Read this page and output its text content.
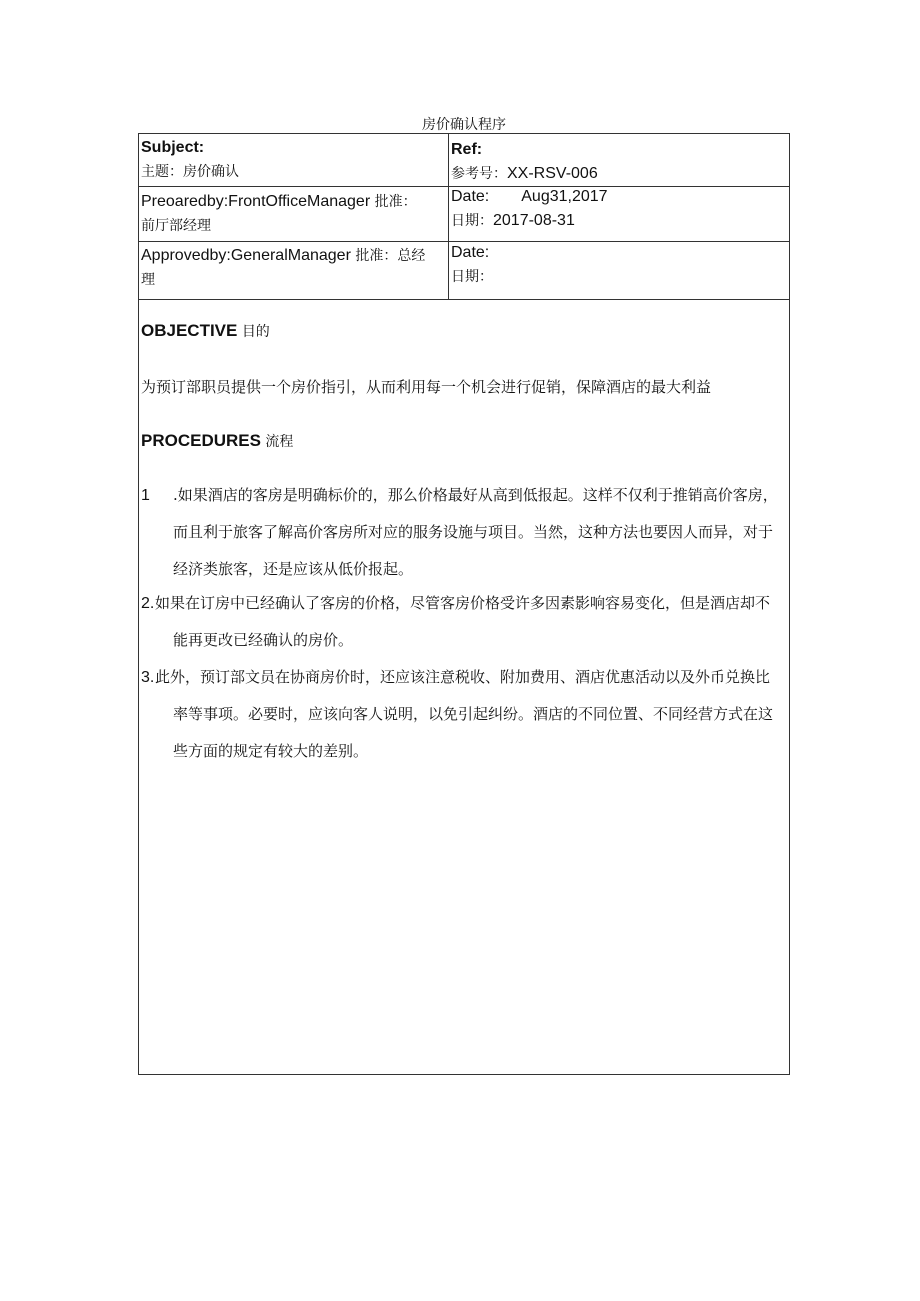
房价确认程序
Subject:
主题：房价确认
Ref:
参考号：XX-RSV-006
Preoaredby:FrontOfficeManager 批准：
前厅部经理
Date: Aug31,2017
日期：2017-08-31
Approvedby:GeneralManager 批准：总经
理
Date:
日期：
OBJECTIVE 目的
为预订部职员提供一个房价指引，从而利用每一个机会进行促销，保障酒店的最大利益
PROCEDURES 流程
1	.如果酒店的客房是明确标价的，那么价格最好从高到低报起。这样不仅利于推销高价客房，
而且利于旅客了解高价客房所对应的服务设施与项目。当然，这种方法也要因人而异，对于
经济类旅客，还是应该从低价报起。
2. 如果在订房中已经确认了客房的价格，尽管客房价格受许多因素影响容易变化，但是酒店却不
能再更改已经确认的房价。
3. 此外，预订部文员在协商房价时，还应该注意税收、附加费用、酒店优惠活动以及外币兑换比
率等事项。必要时，应该向客人说明，以免引起纠纷。酒店的不同位置、不同经营方式在这
些方面的规定有较大的差别。
